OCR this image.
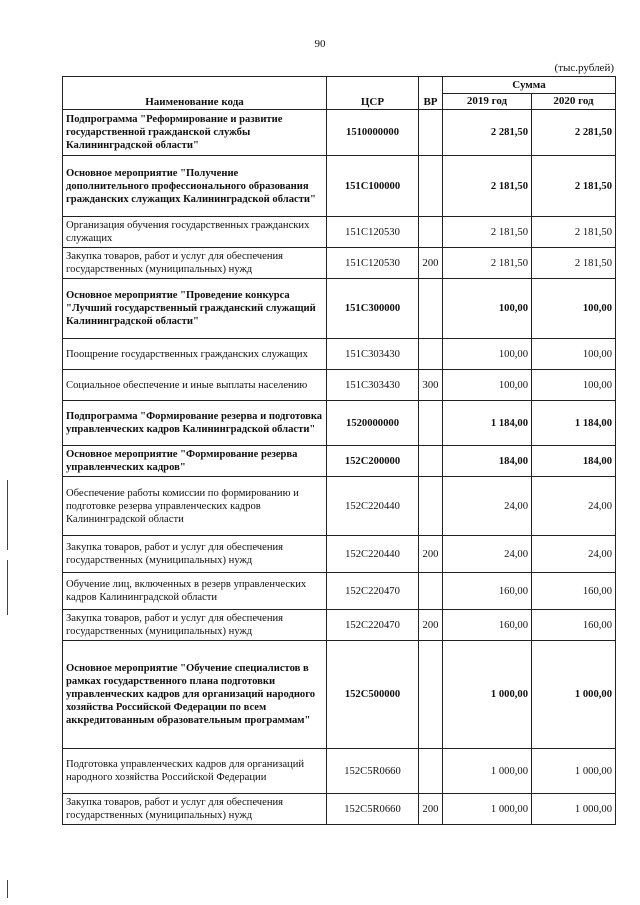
90
(тыс.рублей)
Наименование кода	ЦСР	ВР	Сумма	
			2019 год	2020 год
Подпрограмма "Реформирование и развитие государственной гражданской службы Калининградской области"	1510000000		2 281,50	2 281,50
Основное мероприятие "Получение дополнительного профессионального образования гражданских служащих Калининградской области"	151С100000		2 181,50	2 181,50
Организация обучения государственных гражданских служащих	151С120530		2 181,50	2 181,50
Закупка товаров, работ и услуг для обеспечения государственных (муниципальных) нужд	151С120530	200	2 181,50	2 181,50
Основное мероприятие "Проведение конкурса "Лучший государственный гражданский служащий Калининградской области"	151С300000		100,00	100,00
Поощрение государственных гражданских служащих	151С303430		100,00	100,00
Социальное обеспечение и иные выплаты населению	151С303430	300	100,00	100,00
Подпрограмма "Формирование резерва и подготовка управленческих кадров Калининградской области"	1520000000		1 184,00	1 184,00
Основное мероприятие "Формирование резерва управленческих кадров"	152С200000		184,00	184,00
Обеспечение работы комиссии по формированию и подготовке резерва управленческих кадров Калининградской области	152С220440		24,00	24,00
Закупка товаров, работ и услуг для обеспечения государственных (муниципальных) нужд	152С220440	200	24,00	24,00
Обучение лиц, включенных в резерв управленческих кадров Калининградской области	152С220470		160,00	160,00
Закупка товаров, работ и услуг для обеспечения государственных (муниципальных) нужд	152С220470	200	160,00	160,00
Основное мероприятие "Обучение специалистов в рамках государственного плана подготовки управленческих кадров для организаций народного хозяйства Российской Федерации по всем аккредитованным образовательным программам"	152С500000		1 000,00	1 000,00
Подготовка управленческих кадров для организаций народного хозяйства Российской Федерации	152С5R0660		1 000,00	1 000,00
Закупка товаров, работ и услуг для обеспечения государственных (муниципальных) нужд	152С5R0660	200	1 000,00	1 000,00
